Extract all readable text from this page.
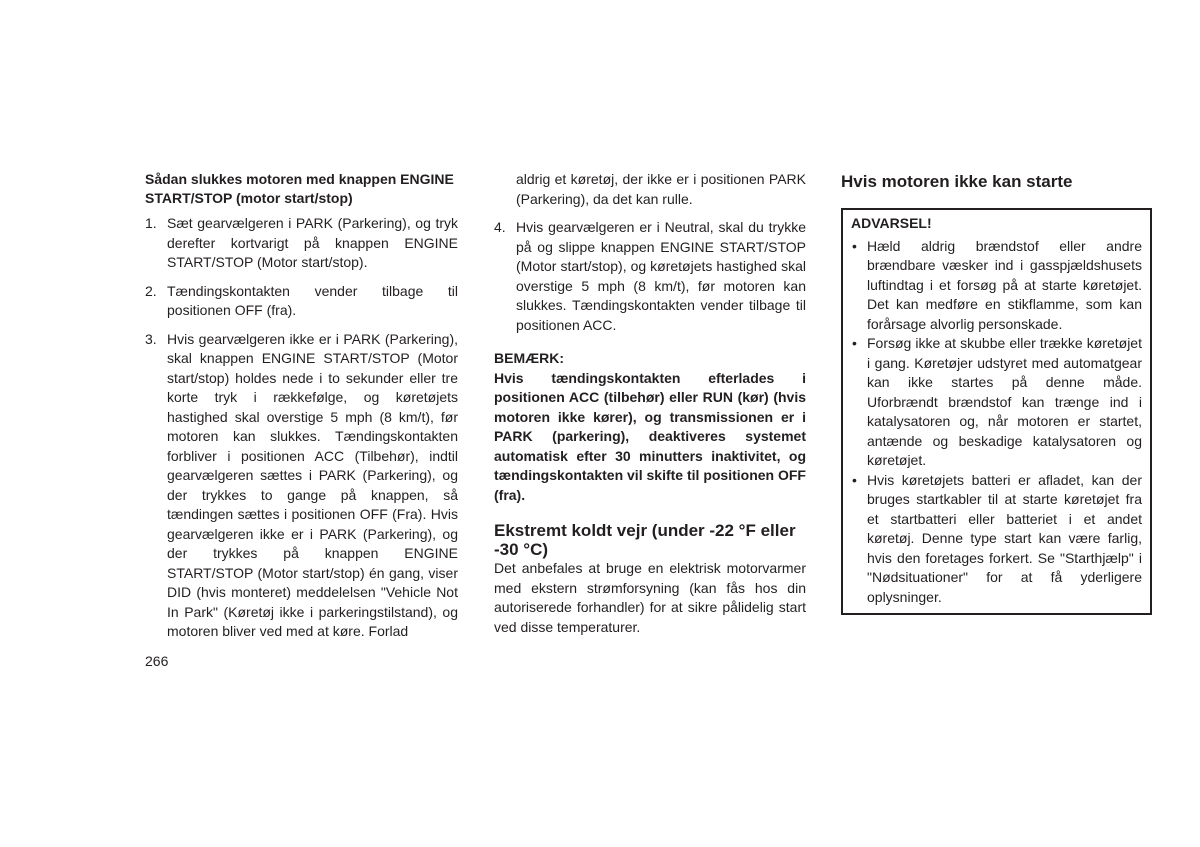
Sådan slukkes motoren med knappen ENGINE START/STOP (motor start/stop)

1. Sæt gearvælgeren i PARK (Parkering), og tryk derefter kortvarigt på knappen ENGINE START/STOP (Motor start/stop).
2. Tændingskontakten vender tilbage til positionen OFF (fra).
3. Hvis gearvælgeren ikke er i PARK (Parkering), skal knappen ENGINE START/STOP (Motor start/stop) holdes nede i to sekunder eller tre korte tryk i rækkefølge, og køretøjets hastighed skal overstige 5 mph (8 km/t), før motoren kan slukkes. Tændingskontakten forbliver i positionen ACC (Tilbehør), indtil gearvælgeren sættes i PARK (Parkering), og der trykkes to gange på knappen, så tændingen sættes i positionen OFF (Fra). Hvis gearvælgeren ikke er i PARK (Parkering), og der trykkes på knappen ENGINE START/STOP (Motor start/stop) én gang, viser DID (hvis monteret) meddelelsen "Vehicle Not In Park" (Køretøj ikke i parkeringstilstand), og motoren bliver ved med at køre. Forlad

aldrig et køretøj, der ikke er i positionen PARK (Parkering), da det kan rulle.

4. Hvis gearvælgeren er i Neutral, skal du trykke på og slippe knappen ENGINE START/STOP (Motor start/stop), og køretøjets hastighed skal overstige 5 mph (8 km/t), før motoren kan slukkes. Tændingskontakten vender tilbage til positionen ACC.

BEMÆRK:

Hvis tændingskontakten efterlades i positionen ACC (tilbehør) eller RUN (kør) (hvis motoren ikke kører), og transmissionen er i PARK (parkering), deaktiveres systemet automatisk efter 30 minutters inaktivitet, og tændingskontakten vil skifte til positionen OFF (fra).

Ekstremt koldt vejr (under -22 °F eller -30 °C)

Det anbefales at bruge en elektrisk motorvarmer med ekstern strømforsyning (kan fås hos din autoriserede forhandler) for at sikre pålidelig start ved disse temperaturer.

Hvis motoren ikke kan starte

ADVARSEL!

• Hæld aldrig brændstof eller andre brændbare væsker ind i gasspjældshusets luftindtag i et forsøg på at starte køretøjet. Det kan medføre en stikflamme, som kan forårsage alvorlig personskade.
• Forsøg ikke at skubbe eller trække køretøjet i gang. Køretøjer udstyret med automatgear kan ikke startes på denne måde. Uforbrændt brændstof kan trænge ind i katalysatoren og, når motoren er startet, antænde og beskadige katalysatoren og køretøjet.
• Hvis køretøjets batteri er afladet, kan der bruges startkabler til at starte køretøjet fra et startbatteri eller batteriet i et andet køretøj. Denne type start kan være farlig, hvis den foretages forkert. Se "Starthjælp" i "Nødsituationer" for at få yderligere oplysninger.
266
